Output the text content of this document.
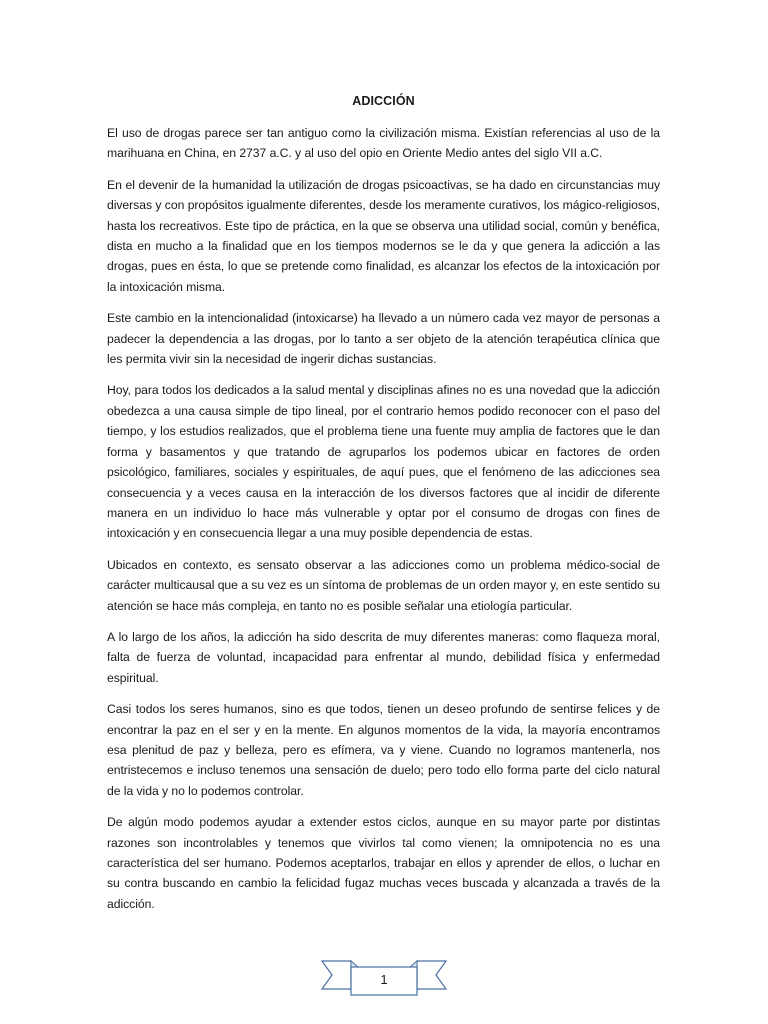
ADICCIÓN

El uso de drogas parece ser tan antiguo como la civilización misma. Existían referencias al uso de la marihuana en China, en 2737 a.C. y al uso del opio en Oriente Medio antes del siglo VII a.C.

En el devenir de la humanidad la utilización de drogas psicoactivas, se ha dado en circunstancias muy diversas y con propósitos igualmente diferentes, desde los meramente curativos, los mágico-religiosos, hasta los recreativos. Este tipo de práctica, en la que se observa una utilidad social, común y benéfica, dista en mucho a la finalidad que en los tiempos modernos se le da y que genera la adicción a las drogas, pues en ésta, lo que se pretende como finalidad, es alcanzar los efectos de la intoxicación por la intoxicación misma.

Este cambio en la intencionalidad (intoxicarse) ha llevado a un número cada vez mayor de personas a padecer la dependencia a las drogas, por lo tanto a ser objeto de la atención terapéutica clínica que les permita vivir sin la necesidad de ingerir dichas sustancias.

Hoy, para todos los dedicados a la salud mental y disciplinas afines no es una novedad que la adicción obedezca a una causa simple de tipo lineal, por el contrario hemos podido reconocer con el paso del tiempo, y los estudios realizados, que el problema tiene una fuente muy amplia de factores que le dan forma y basamentos y que tratando de agruparlos los podemos ubicar en factores de orden psicológico, familiares, sociales y espirituales, de aquí pues, que el fenómeno de las adicciones sea consecuencia y a veces causa en la interacción de los diversos factores que al incidir de diferente manera en un individuo lo hace más vulnerable y optar por el consumo de drogas con fines de intoxicación y en consecuencia llegar a una muy posible dependencia de estas.

Ubicados en contexto, es sensato observar a las adicciones como un problema médico-social de carácter multicausal que a su vez es un síntoma de problemas de un orden mayor y, en este sentido su atención se hace más compleja, en tanto no es posible señalar una etiología particular.

A lo largo de los años, la adicción ha sido descrita de muy diferentes maneras: como flaqueza moral, falta de fuerza de voluntad, incapacidad para enfrentar al mundo, debilidad física y enfermedad espiritual.

Casi todos los seres humanos, sino es que todos, tienen un deseo profundo de sentirse felices y de encontrar la paz en el ser y en la mente. En algunos momentos de la vida, la mayoría encontramos esa plenitud de paz y belleza, pero es efímera, va y viene. Cuando no logramos mantenerla, nos entristecemos e incluso tenemos una sensación de duelo; pero todo ello forma parte del ciclo natural de la vida y no lo podemos controlar.

De algún modo podemos ayudar a extender estos ciclos, aunque en su mayor parte por distintas razones son incontrolables y tenemos que vivirlos tal como vienen; la omnipotencia no es una característica del ser humano. Podemos aceptarlos, trabajar en ellos y aprender de ellos, o luchar en su contra buscando en cambio la felicidad fugaz muchas veces buscada y alcanzada a través de la adicción.

1
